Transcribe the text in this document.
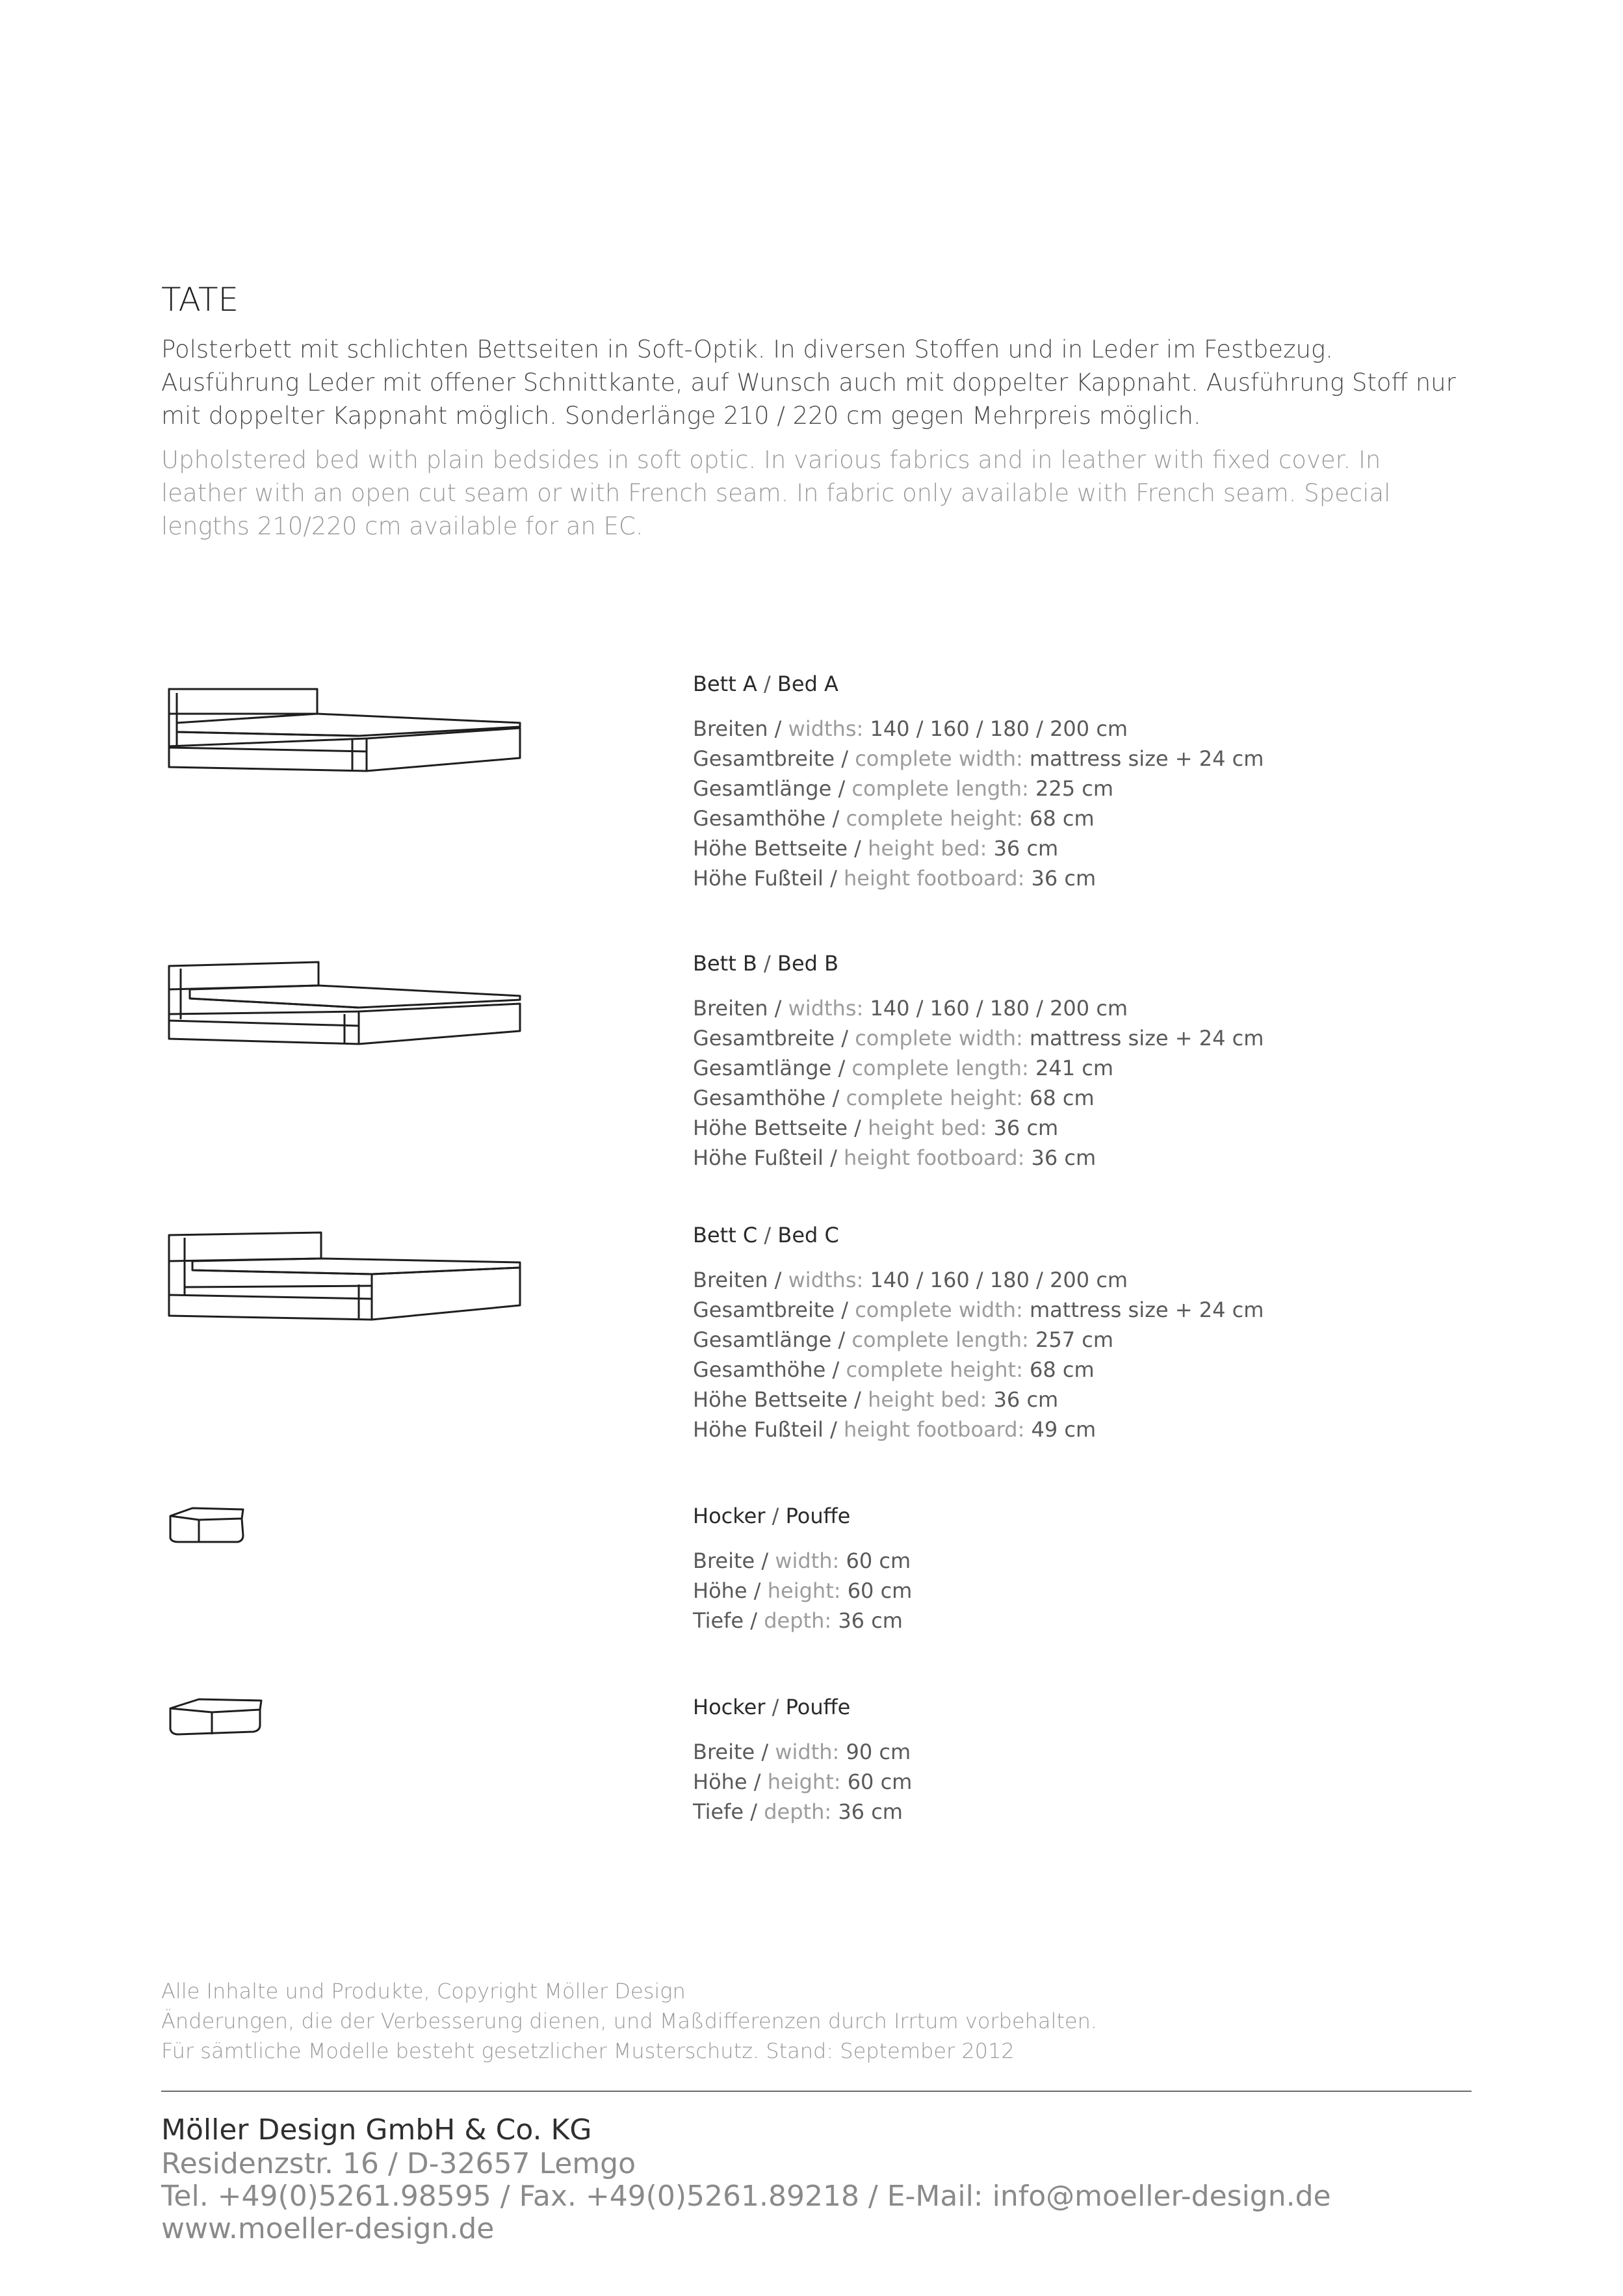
TATE
Polsterbett mit schlichten Bettseiten in Soft-Optik. In diversen Stoffen und in Leder im Festbezug. Ausführung Leder mit offener Schnittkante, auf Wunsch auch mit doppelter Kappnaht. Ausführung Stoff nur mit doppelter Kappnaht möglich. Sonderlänge 210 / 220 cm gegen Mehrpreis möglich.
Upholstered bed with plain bedsides in soft optic. In various fabrics and in leather with fixed cover. In leather with an open cut seam or with French seam. In fabric only available with French seam. Special lengths 210/220 cm available for an EC.
Bett A / Bed A
Breiten / widths: 140 / 160 / 180 / 200 cm
Gesamtbreite / complete width: mattress size + 24 cm
Gesamtlänge / complete length: 225 cm
Gesamthöhe / complete height: 68 cm
Höhe Bettseite / height bed: 36 cm
Höhe Fußteil / height footboard: 36 cm
Bett B / Bed B
Breiten / widths: 140 / 160 / 180 / 200 cm
Gesamtbreite / complete width: mattress size + 24 cm
Gesamtlänge / complete length: 241 cm
Gesamthöhe / complete height: 68 cm
Höhe Bettseite / height bed: 36 cm
Höhe Fußteil / height footboard: 36 cm
Bett C / Bed C
Breiten / widths: 140 / 160 / 180 / 200 cm
Gesamtbreite / complete width: mattress size + 24 cm
Gesamtlänge / complete length: 257 cm
Gesamthöhe / complete height: 68 cm
Höhe Bettseite / height bed: 36 cm
Höhe Fußteil / height footboard: 49 cm
Hocker / Pouffe
Breite / width: 60 cm
Höhe / height: 60 cm
Tiefe / depth: 36 cm
Hocker / Pouffe
Breite / width: 90 cm
Höhe / height: 60 cm
Tiefe / depth: 36 cm
Alle Inhalte und Produkte, Copyright Möller Design
Änderungen, die der Verbesserung dienen, und Maßdifferenzen durch Irrtum vorbehalten.
Für sämtliche Modelle besteht gesetzlicher Musterschutz. Stand: September 2012
Möller Design GmbH & Co. KG
Residenzstr. 16 / D-32657 Lemgo
Tel. +49(0)5261.98595 / Fax. +49(0)5261.89218 / E-Mail: info@moeller-design.de
www.moeller-design.de
